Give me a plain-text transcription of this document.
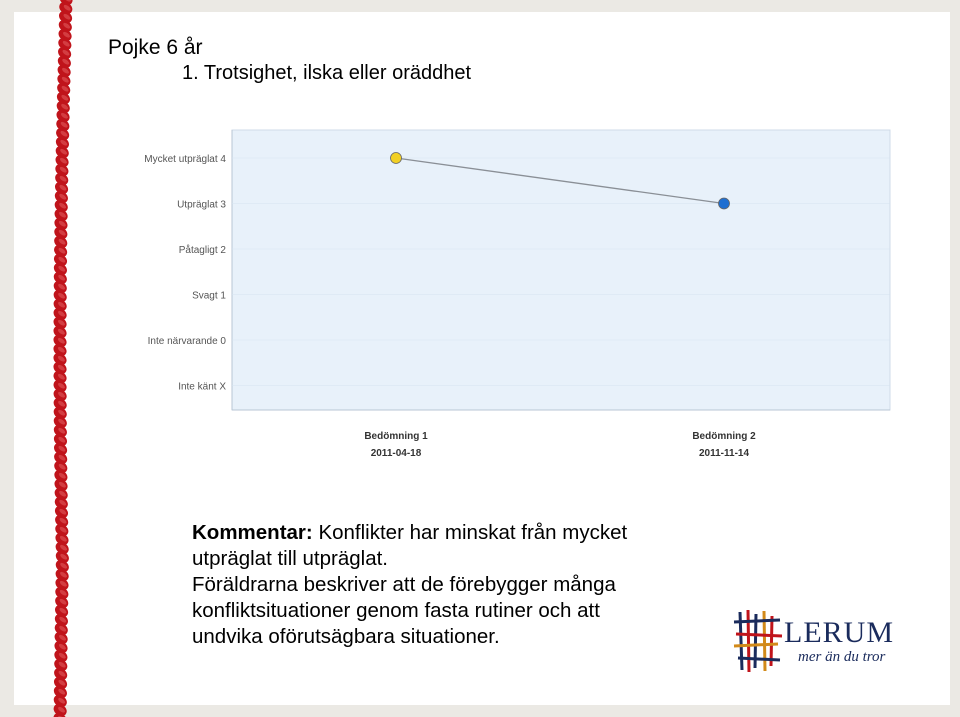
Pojke 6 år
1. Trotsighet, ilska eller oräddhet
Inte känt X
Inte närvarande 0
Svagt 1
Påtagligt 2
Utpräglat 3
Mycket utpräglat 4
Bedömning 1
2011-04-18
Bedömning 2
2011-11-14
Kommentar: Konflikter har minskat från mycket
utpräglat till utpräglat.
Föräldrarna beskriver att de förebygger många
konfliktsituationer genom fasta rutiner och att
undvika oförutsägbara situationer.	LERUM
mer än du tror
